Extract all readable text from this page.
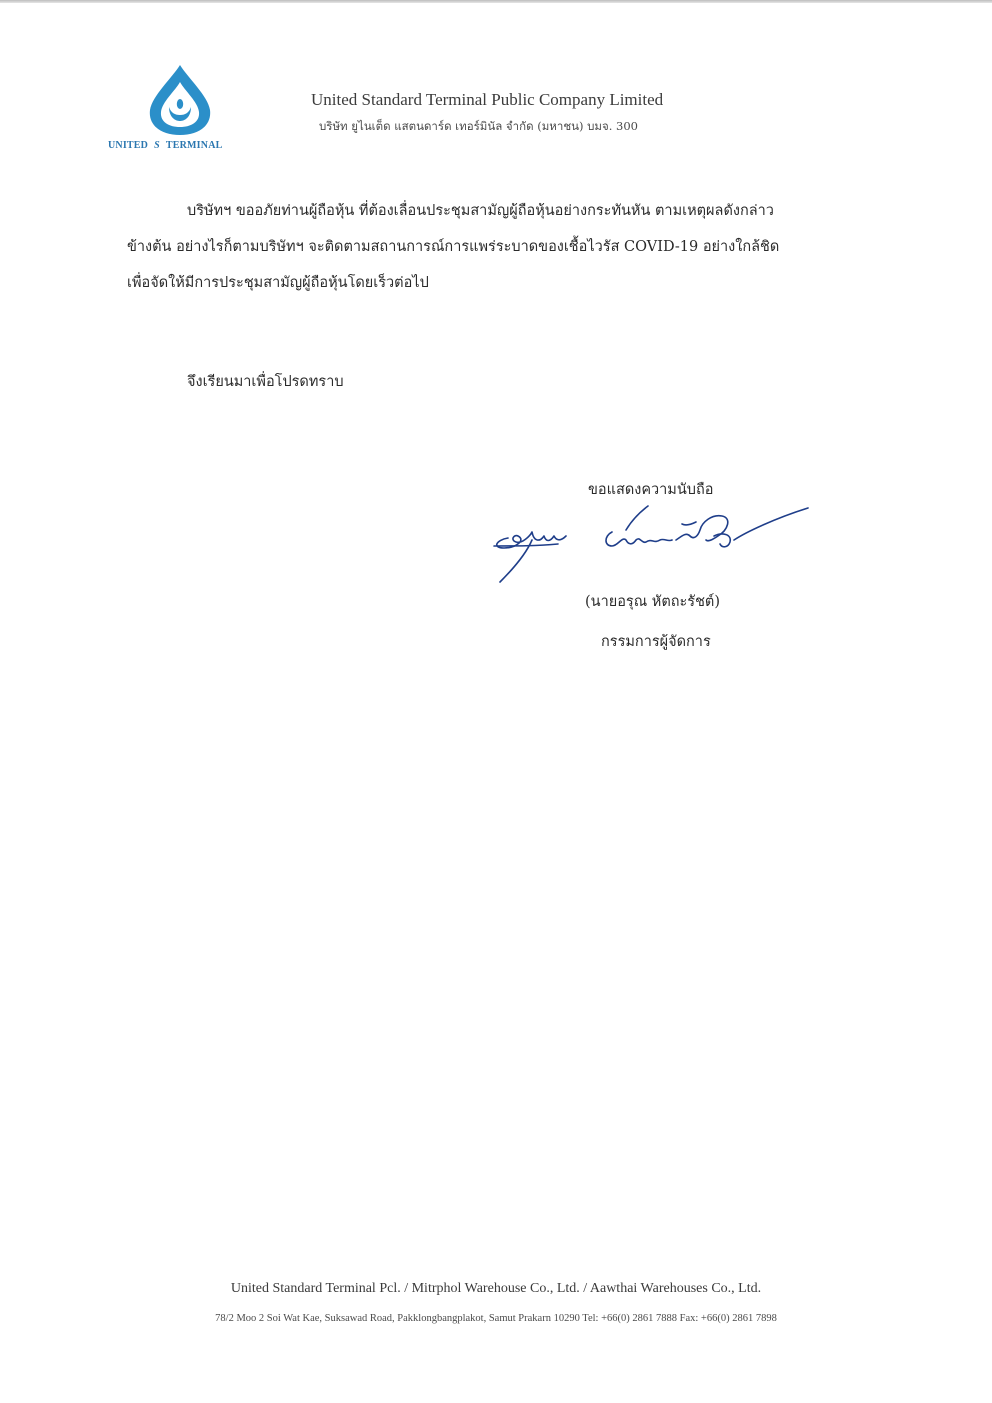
UNITED S TERMINAL
United Standard Terminal Public Company Limited
บริษัท ยูไนเต็ด แสตนดาร์ด เทอร์มินัล จำกัด (มหาชน) บมจ. 300
บริษัทฯ ขออภัยท่านผู้ถือหุ้น ที่ต้องเลื่อนประชุมสามัญผู้ถือหุ้นอย่างกระทันหัน ตามเหตุผลดังกล่าว
ข้างต้น อย่างไรก็ตามบริษัทฯ จะติดตามสถานการณ์การแพร่ระบาดของเชื้อไวรัส COVID-19 อย่างใกล้ชิด
เพื่อจัดให้มีการประชุมสามัญผู้ถือหุ้นโดยเร็วต่อไป
จึงเรียนมาเพื่อโปรดทราบ
ขอแสดงความนับถือ
(นายอรุณ หัตถะรัชต์)
กรรมการผู้จัดการ
United Standard Terminal Pcl. / Mitrphol Warehouse Co., Ltd. / Aawthai Warehouses Co., Ltd.
78/2 Moo 2 Soi Wat Kae, Suksawad Road, Pakklongbangplakot, Samut Prakarn 10290 Tel: +66(0) 2861 7888 Fax: +66(0) 2861 7898
